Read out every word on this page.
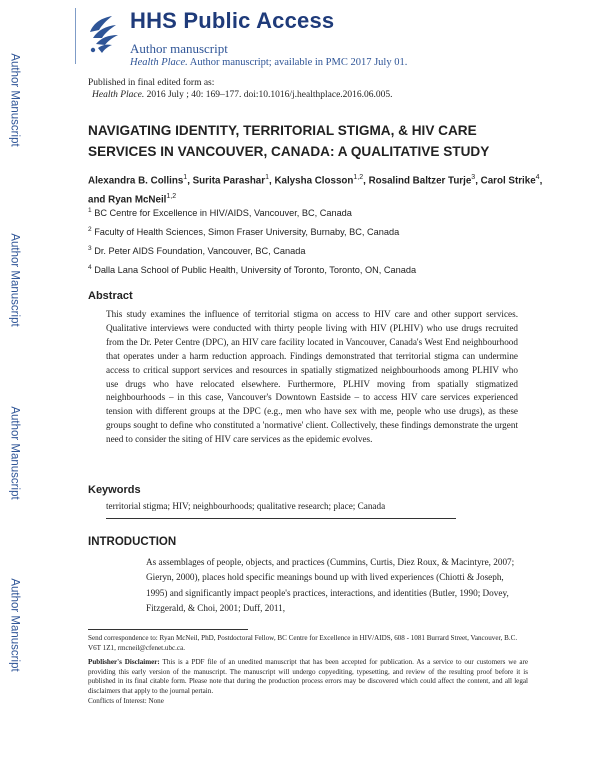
Author Manuscript
Author Manuscript
Author Manuscript
Author Manuscript
HHS Public Access
Author manuscript
Health Place. Author manuscript; available in PMC 2017 July 01.
Published in final edited form as:
Health Place. 2016 July ; 40: 169–177. doi:10.1016/j.healthplace.2016.06.005.
NAVIGATING IDENTITY, TERRITORIAL STIGMA, & HIV CARE SERVICES IN VANCOUVER, CANADA: A QUALITATIVE STUDY
Alexandra B. Collins$^1$, Surita Parashar$^1$, Kalysha Closson$^{1,2}$, Rosalind Baltzer Turje$^3$, Carol Strike$^4$, and Ryan McNeil$^{1,2}$
$^1$ BC Centre for Excellence in HIV/AIDS, Vancouver, BC, Canada
$^2$ Faculty of Health Sciences, Simon Fraser University, Burnaby, BC, Canada
$^3$ Dr. Peter AIDS Foundation, Vancouver, BC, Canada
$^4$ Dalla Lana School of Public Health, University of Toronto, Toronto, ON, Canada
Abstract

This study examines the influence of territorial stigma on access to HIV care and other support services. Qualitative interviews were conducted with thirty people living with HIV (PLHIV) who use drugs recruited from the Dr. Peter Centre (DPC), an HIV care facility located in Vancouver, Canada's West End neighbourhood that operates under a harm reduction approach. Findings demonstrated that territorial stigma can undermine access to critical support services and resources in spatially stigmatized neighbourhoods among PLHIV who use drugs who have relocated elsewhere. Furthermore, PLHIV moving from spatially stigmatized neighbourhoods – in this case, Vancouver's Downtown Eastside – to access HIV care services experienced tension with different groups at the DPC (e.g., men who have sex with me, people who use drugs), as these groups sought to define who constituted a 'normative' client. Collectively, these findings demonstrate the urgent need to consider the siting of HIV care services as the epidemic evolves.

Keywords
territorial stigma; HIV; neighbourhoods; qualitative research; place; Canada
INTRODUCTION

As assemblages of people, objects, and practices (Cummins, Curtis, Diez Roux, & Macintyre, 2007; Gieryn, 2000), places hold specific meanings bound up with lived experiences (Chiotti & Joseph, 1995) and significantly impact people's practices, interactions, and identities (Butler, 1990; Dovey, Fitzgerald, & Choi, 2001; Duff, 2011,

Send correspondence to: Ryan McNeil, PhD, Postdoctoral Fellow, BC Centre for Excellence in HIV/AIDS, 608 - 1081 Burrard Street, Vancouver, B.C. V6T 1Z1, rmcneil@cfenet.ubc.ca.

Publisher's Disclaimer: This is a PDF file of an unedited manuscript that has been accepted for publication. As a service to our customers we are providing this early version of the manuscript. The manuscript will undergo copyediting, typesetting, and review of the resulting proof before it is published in its final citable form. Please note that during the production process errors may be discovered which could affect the content, and all legal disclaimers that apply to the journal pertain.

Conflicts of Interest: None
